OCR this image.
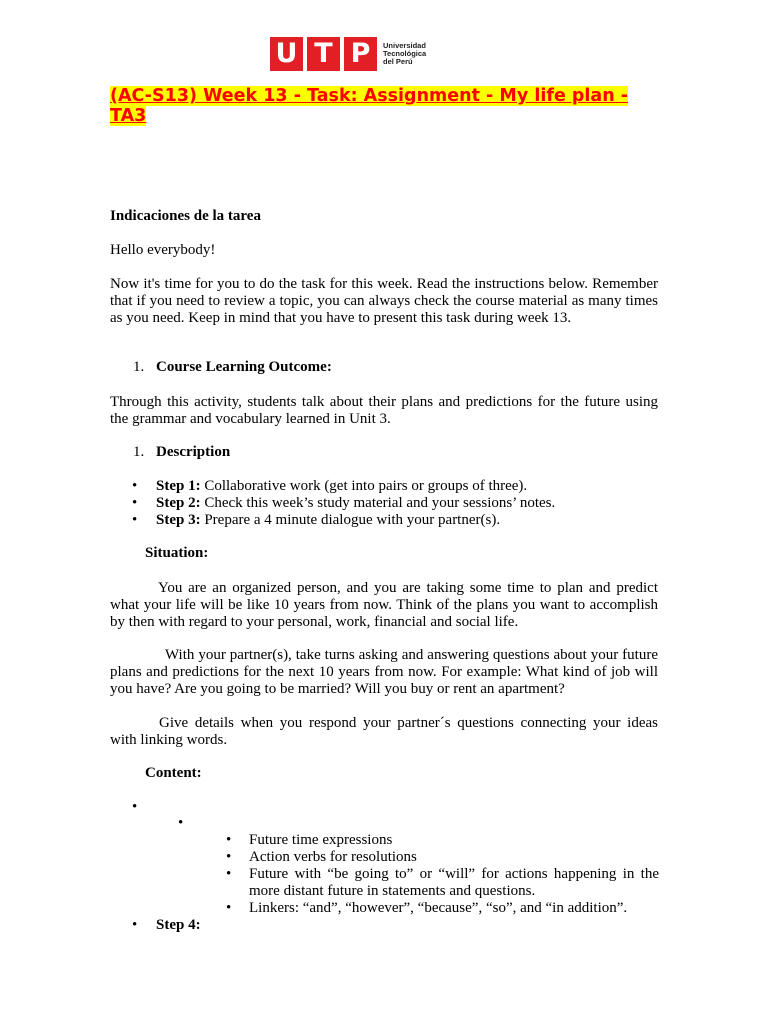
U T P	Universidad
Tecnológica
del Perú
(AC-S13) Week 13 - Task: Assignment - My life plan - TA3
Indicaciones de la tarea
Hello everybody!
Now it's time for you to do the task for this week. Read the instructions below. Remember that if you need to review a topic, you can always check the course material as many times as you need. Keep in mind that you have to present this task during week 13.
1. Course Learning Outcome:
Through this activity, students talk about their plans and predictions for the future using the grammar and vocabulary learned in Unit 3.
1. Description
• Step 1: Collaborative work (get into pairs or groups of three).
• Step 2: Check this week’s study material and your sessions’ notes.
• Step 3: Prepare a 4 minute dialogue with your partner(s).
Situation:
You are an organized person, and you are taking some time to plan and predict what your life will be like 10 years from now. Think of the plans you want to accomplish by then with regard to your personal, work, financial and social life.
With your partner(s), take turns asking and answering questions about your future plans and predictions for the next 10 years from now. For example: What kind of job will you have? Are you going to be married? Will you buy or rent an apartment?
Give details when you respond your partner´s questions connecting your ideas with linking words.
Content:
•
•
• Future time expressions
• Action verbs for resolutions
• Future with “be going to” or “will” for actions happening in the more distant future in statements and questions.
• Linkers: “and”, “however”, “because”, “so”, and “in addition”.
• Step 4:
